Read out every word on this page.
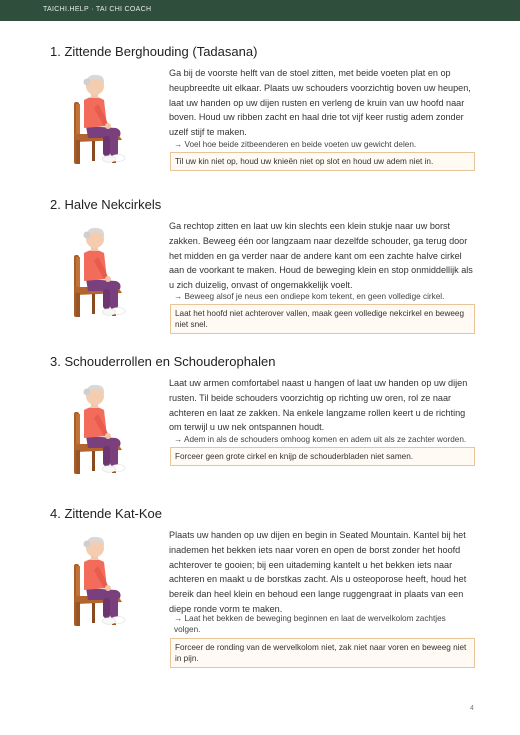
TAICHI.HELP · TAI CHI COACH
1. Zittende Berghouding (Tadasana)
Ga bij de voorste helft van de stoel zitten, met beide voeten plat en op heupbreedte uit elkaar. Plaats uw schouders voorzichtig boven uw heupen, laat uw handen op uw dijen rusten en verleng de kruin van uw hoofd naar boven. Houd uw ribben zacht en haal drie tot vijf keer rustig adem zonder uzelf stijf te maken.
→ Voel hoe beide zitbeenderen en beide voeten uw gewicht delen.
Til uw kin niet op, houd uw knieën niet op slot en houd uw adem niet in.
2. Halve Nekcirkels
Ga rechtop zitten en laat uw kin slechts een klein stukje naar uw borst zakken. Beweeg één oor langzaam naar dezelfde schouder, ga terug door het midden en ga verder naar de andere kant om een zachte halve cirkel aan de voorkant te maken. Houd de beweging klein en stop onmiddellijk als u zich duizelig, onvast of ongemakkelijk voelt.
→ Beweeg alsof je neus een ondiepe kom tekent, en geen volledige cirkel.
Laat het hoofd niet achterover vallen, maak geen volledige nekcirkel en beweeg niet snel.
3. Schouderrollen en Schouderophalen
Laat uw armen comfortabel naast u hangen of laat uw handen op uw dijen rusten. Til beide schouders voorzichtig op richting uw oren, rol ze naar achteren en laat ze zakken. Na enkele langzame rollen keert u de richting om terwijl u uw nek ontspannen houdt.
→ Adem in als de schouders omhoog komen en adem uit als ze zachter worden.
Forceer geen grote cirkel en knijp de schouderbladen niet samen.
4. Zittende Kat-Koe
Plaats uw handen op uw dijen en begin in Seated Mountain. Kantel bij het inademen het bekken iets naar voren en open de borst zonder het hoofd achterover te gooien; bij een uitademing kantelt u het bekken iets naar achteren en maakt u de borstkas zacht. Als u osteoporose heeft, houd het bereik dan heel klein en behoud een lange ruggengraat in plaats van een diepe ronde vorm te maken.
→ Laat het bekken de beweging beginnen en laat de wervelkolom zachtjes volgen.
Forceer de ronding van de wervelkolom niet, zak niet naar voren en beweeg niet in pijn.
4
